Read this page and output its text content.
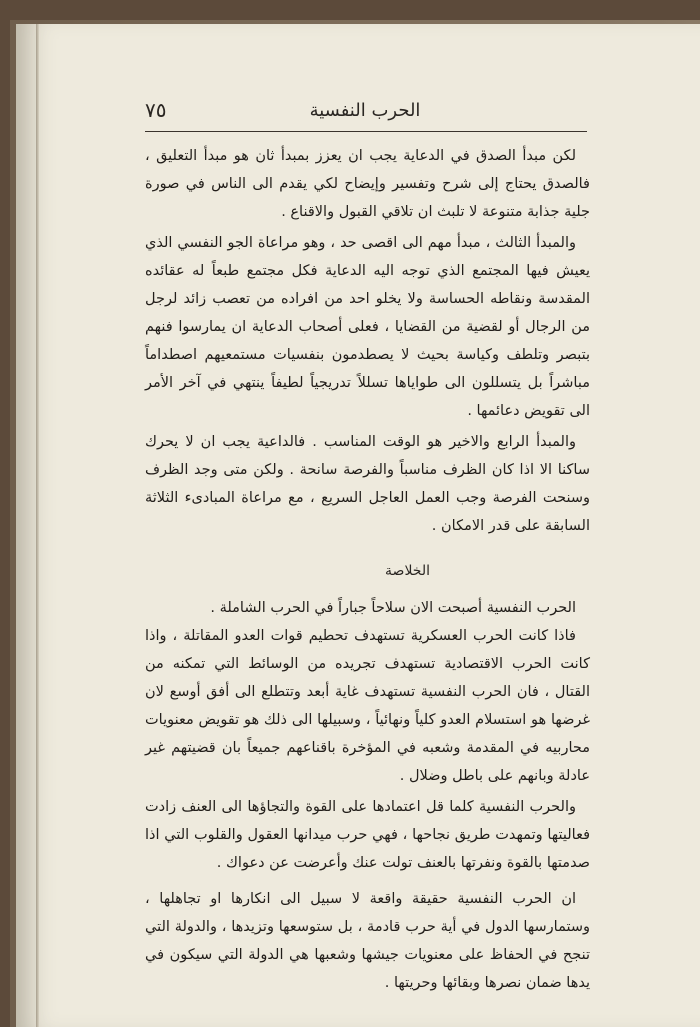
٧٥	الحرب النفسية

لكن مبدأ الصدق في الدعاية يجب ان يعزز بمبدأ ثان هو مبدأ التعليق ، فالصدق يحتاج إلى شرح وتفسير وإيضاح لكي يقدم الى الناس في صورة جلية جذابة متنوعة لا تلبث ان تلاقي القبول والاقناع .

والمبدأ الثالث ، مبدأ مهم الى اقصى حد ، وهو مراعاة الجو النفسي الذي يعيش فيها المجتمع الذي توجه اليه الدعاية فكل مجتمع طبعاً له عقائده المقدسة ونقاطه الحساسة ولا يخلو احد من افراده من تعصب زائد لرجل من الرجال أو لقضية من القضايا ، فعلى أصحاب الدعاية ان يمارسوا فنهم بتبصر وتلطف وكياسة بحيث لا يصطدمون بنفسيات مستمعيهم اصطداماً مباشراً بل يتسللون الى طواياها تسللاً تدريجياً لطيفاً ينتهي في آخر الأمر الى تقويض دعائمها .

والمبدأ الرابع والاخير هو الوقت المناسب . فالداعية يجب ان لا يحرك ساكنا الا اذا كان الظرف مناسباً والفرصة سانحة . ولكن متى وجد الظرف وسنحت الفرصة وجب العمل العاجل السريع ، مع مراعاة المبادىء الثلاثة السابقة على قدر الامكان .

الخلاصة

الحرب النفسية أصبحت الان سلاحاً جباراً في الحرب الشاملة .

فاذا كانت الحرب العسكرية تستهدف تحطيم قوات العدو المقاتلة ، واذا كانت الحرب الاقتصادية تستهدف تجريده من الوسائط التي تمكنه من القتال ، فان الحرب النفسية تستهدف غاية أبعد وتتطلع الى أفق أوسع لان غرضها هو استسلام العدو كلياً ونهائياً ، وسبيلها الى ذلك هو تقويض معنويات محاربيه في المقدمة وشعبه في المؤخرة باقناعهم جميعاً بان قضيتهم غير عادلة وبانهم على باطل وضلال .

والحرب النفسية كلما قل اعتمادها على القوة والتجاؤها الى العنف زادت فعاليتها وتمهدت طريق نجاحها ، فهي حرب ميدانها العقول والقلوب التي اذا صدمتها بالقوة ونفرتها بالعنف تولت عنك وأعرضت عن دعواك .

ان الحرب النفسية حقيقة واقعة لا سبيل الى انكارها او تجاهلها ، وستمارسها الدول في أية حرب قادمة ، بل ستوسعها وتزيدها ، والدولة التي تنجح في الحفاظ على معنويات جيشها وشعبها هي الدولة التي سيكون في يدها ضمان نصرها وبقائها وحريتها .
